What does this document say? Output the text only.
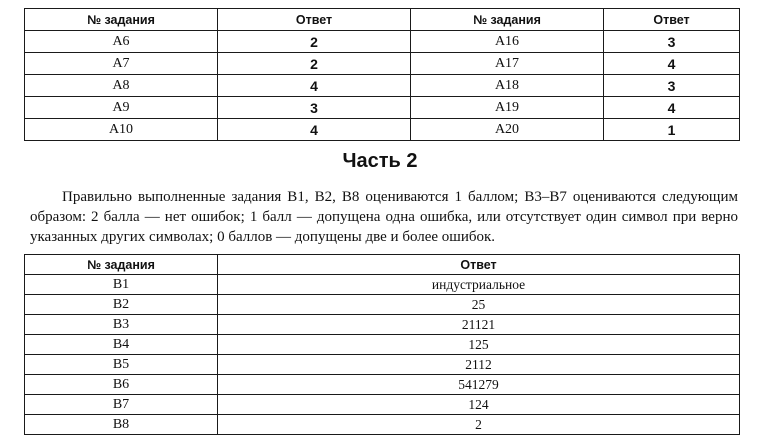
№ задания	Ответ	№ задания	Ответ
А6	2	А16	3
А7	2	А17	4
А8	4	А18	3
А9	3	А19	4
А10	4	А20	1
Часть 2

Правильно выполненные задания B1, B2, B8 оцениваются 1 баллом; B3–B7 оцениваются следующим образом: 2 балла — нет ошибок; 1 балл — допущена одна ошибка, или отсутствует один символ при верно указанных других символах; 0 баллов — допущены две и более ошибок.

№ задания	Ответ
B1	индустриальное
B2	25
B3	21121
B4	125
B5	2112
B6	541279
B7	124
B8	2
